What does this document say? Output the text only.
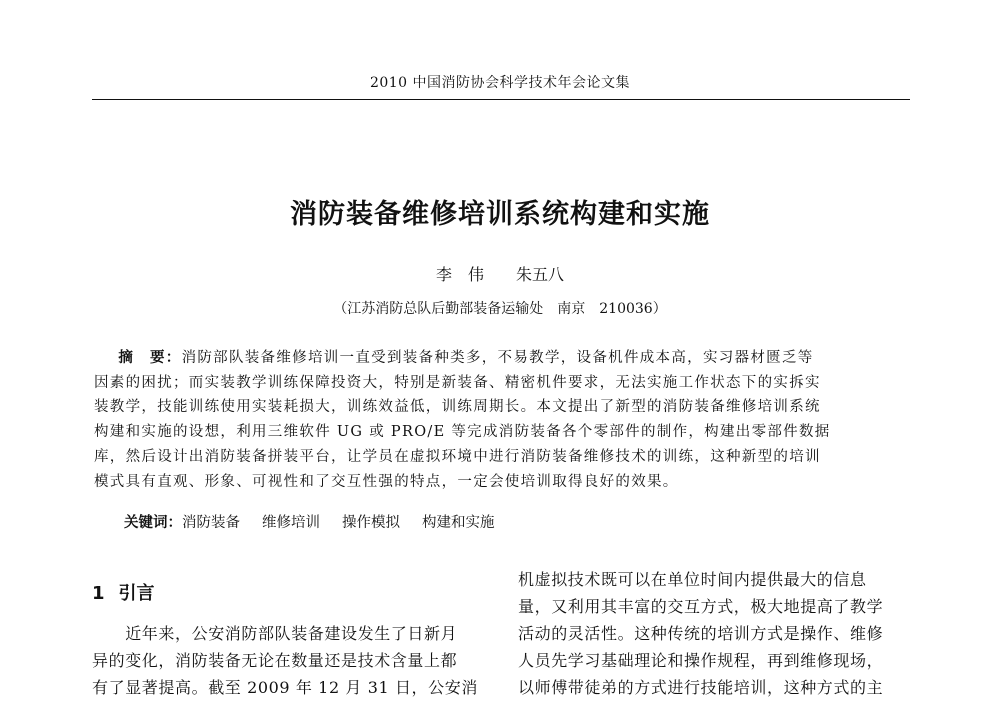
2010 中国消防协会科学技术年会论文集
消防装备维修培训系统构建和实施
李　伟   朱五八
（江苏消防总队后勤部装备运输处　南京　210036）
  摘　要：消防部队装备维修培训一直受到装备种类多，不易教学，设备机件成本高，实习器材匮乏等
因素的困扰；而实装教学训练保障投资大，特别是新装备、精密机件要求，无法实施工作状态下的实拆实
装教学，技能训练使用实装耗损大，训练效益低，训练周期长。本文提出了新型的消防装备维修培训系统
构建和实施的设想，利用三维软件 UG 或 PRO/E 等完成消防装备各个零部件的制作，构建出零部件数据
库，然后设计出消防装备拼装平台，让学员在虚拟环境中进行消防装备维修技术的训练，这种新型的培训
模式具有直观、形象、可视性和了交互性强的特点，一定会使培训取得良好的效果。
关键词：消防装备 维修培训 操作模拟 构建和实施
1 引言
　　近年来，公安消防部队装备建设发生了日新月
异的变化，消防装备无论在数量还是技术含量上都
有了显著提高。截至 2009 年 12 月 31 日，公安消
机虚拟技术既可以在单位时间内提供最大的信息
量，又利用其丰富的交互方式，极大地提高了教学
活动的灵活性。这种传统的培训方式是操作、维修
人员先学习基础理论和操作规程，再到维修现场，
以师傅带徒弟的方式进行技能培训，这种方式的主
